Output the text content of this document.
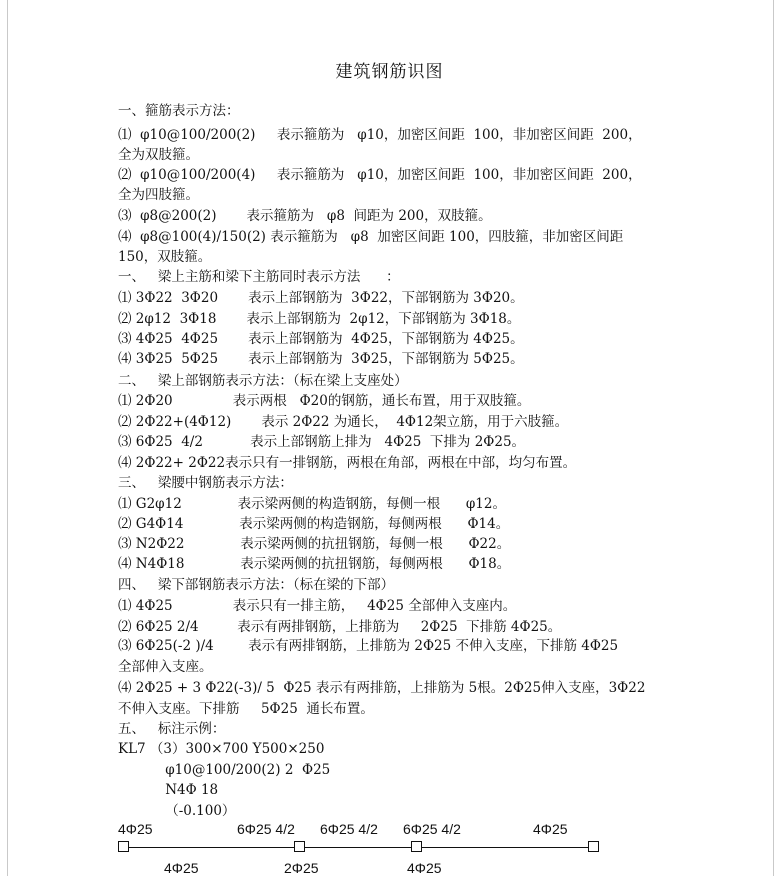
建筑钢筋识图
一、箍筋表示方法：
⑴  φ10@100/200(2)     表示箍筋为   φ10，加密区间距  100，非加密区间距  200，
全为双肢箍。
⑵  φ10@100/200(4)     表示箍筋为   φ10，加密区间距  100，非加密区间距  200，
全为四肢箍。
⑶  φ8@200(2)       表示箍筋为   φ8  间距为 200，双肢箍。
⑷  φ8@100(4)/150(2) 表示箍筋为   φ8  加密区间距 100，四肢箍，非加密区间距
150，双肢箍。
一、   梁上主筋和梁下主筋同时表示方法      ：
⑴ 3Φ22  3Φ20       表示上部钢筋为  3Φ22，下部钢筋为 3Φ20。
⑵ 2φ12  3Φ18       表示上部钢筋为  2φ12，下部钢筋为 3Φ18。
⑶ 4Φ25  4Φ25       表示上部钢筋为  4Φ25，下部钢筋为 4Φ25。
⑷ 3Φ25  5Φ25       表示上部钢筋为  3Φ25，下部钢筋为 5Φ25。
二、   梁上部钢筋表示方法：（标在梁上支座处）
⑴ 2Φ20              表示两根   Φ20的钢筋，通长布置，用于双肢箍。
⑵ 2Φ22+(4Φ12)       表示 2Φ22 为通长，  4Φ12架立筋，用于六肢箍。
⑶ 6Φ25  4/2           表示上部钢筋上排为   4Φ25  下排为 2Φ25。
⑷ 2Φ22+ 2Φ22表示只有一排钢筋，两根在角部，两根在中部，均匀布置。
三、   梁腰中钢筋表示方法：
⑴ G2φ12             表示梁两侧的构造钢筋，每侧一根      φ12。
⑵ G4Φ14             表示梁两侧的构造钢筋，每侧两根      Φ14。
⑶ N2Φ22             表示梁两侧的抗扭钢筋，每侧一根      Φ22。
⑷ N4Φ18             表示梁两侧的抗扭钢筋，每侧两根      Φ18。
四、   梁下部钢筋表示方法：（标在梁的下部）
⑴ 4Φ25              表示只有一排主筋，   4Φ25 全部伸入支座内。
⑵ 6Φ25 2/4         表示有两排钢筋，上排筋为     2Φ25  下排筋 4Φ25。
⑶ 6Φ25(-2 )/4        表示有两排钢筋，上排筋为 2Φ25 不伸入支座，下排筋 4Φ25
全部伸入支座。
⑷ 2Φ25 + 3 Φ22(-3)/ 5  Φ25 表示有两排筋，上排筋为 5根。2Φ25伸入支座，3Φ22
不伸入支座。下排筋     5Φ25  通长布置。
五、   标注示例：
KL7 （3）300×700 Y500×250
φ10@100/200(2) 2  Φ25
N4Φ 18
（-0.100）
4Φ25	6Φ25 4/2 6Φ25 4/2 6Φ25 4/2	4Φ25
4Φ25	2Φ25	4Φ25
